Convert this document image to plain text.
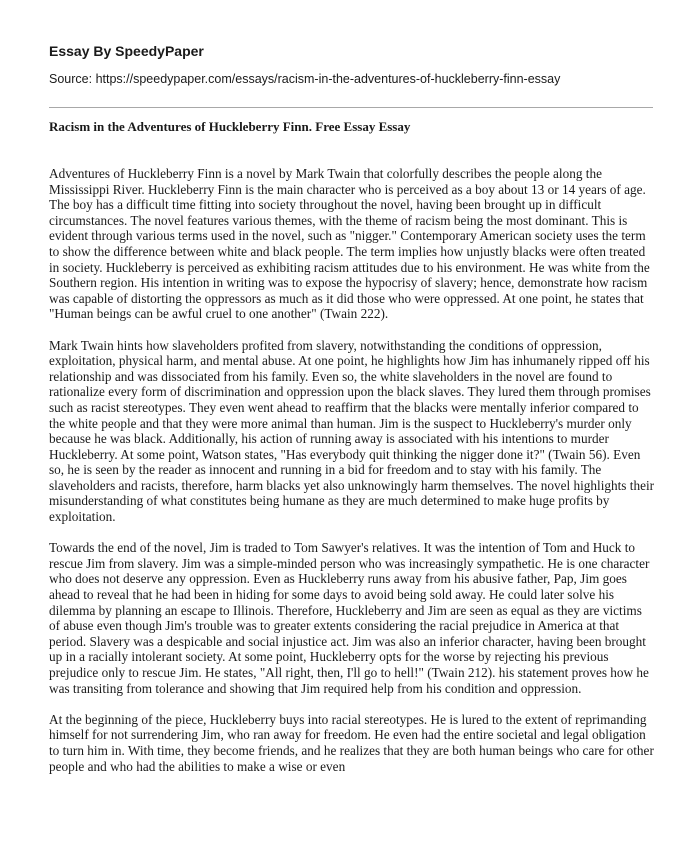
Essay By SpeedyPaper
Source: https://speedypaper.com/essays/racism-in-the-adventures-of-huckleberry-finn-essay
Racism in the Adventures of Huckleberry Finn. Free Essay Essay

Adventures of Huckleberry Finn is a novel by Mark Twain that colorfully describes the people along the Mississippi River. Huckleberry Finn is the main character who is perceived as a boy about 13 or 14 years of age. The boy has a difficult time fitting into society throughout the novel, having been brought up in difficult circumstances. The novel features various themes, with the theme of racism being the most dominant. This is evident through various terms used in the novel, such as "nigger." Contemporary American society uses the term to show the difference between white and black people. The term implies how unjustly blacks were often treated in society. Huckleberry is perceived as exhibiting racism attitudes due to his environment. He was white from the Southern region. His intention in writing was to expose the hypocrisy of slavery; hence, demonstrate how racism was capable of distorting the oppressors as much as it did those who were oppressed. At one point, he states that "Human beings can be awful cruel to one another" (Twain 222).

Mark Twain hints how slaveholders profited from slavery, notwithstanding the conditions of oppression, exploitation, physical harm, and mental abuse. At one point, he highlights how Jim has inhumanely ripped off his relationship and was dissociated from his family. Even so, the white slaveholders in the novel are found to rationalize every form of discrimination and oppression upon the black slaves. They lured them through promises such as racist stereotypes. They even went ahead to reaffirm that the blacks were mentally inferior compared to the white people and that they were more animal than human. Jim is the suspect to Huckleberry's murder only because he was black. Additionally, his action of running away is associated with his intentions to murder Huckleberry. At some point, Watson states, "Has everybody quit thinking the nigger done it?" (Twain 56). Even so, he is seen by the reader as innocent and running in a bid for freedom and to stay with his family. The slaveholders and racists, therefore, harm blacks yet also unknowingly harm themselves. The novel highlights their misunderstanding of what constitutes being humane as they are much determined to make huge profits by exploitation.

Towards the end of the novel, Jim is traded to Tom Sawyer's relatives. It was the intention of Tom and Huck to rescue Jim from slavery. Jim was a simple-minded person who was increasingly sympathetic. He is one character who does not deserve any oppression. Even as Huckleberry runs away from his abusive father, Pap, Jim goes ahead to reveal that he had been in hiding for some days to avoid being sold away. He could later solve his dilemma by planning an escape to Illinois. Therefore, Huckleberry and Jim are seen as equal as they are victims of abuse even though Jim's trouble was to greater extents considering the racial prejudice in America at that period. Slavery was a despicable and social injustice act. Jim was also an inferior character, having been brought up in a racially intolerant society. At some point, Huckleberry opts for the worse by rejecting his previous prejudice only to rescue Jim. He states, "All right, then, I'll go to hell!" (Twain 212). his statement proves how he was transiting from tolerance and showing that Jim required help from his condition and oppression.

At the beginning of the piece, Huckleberry buys into racial stereotypes. He is lured to the extent of reprimanding himself for not surrendering Jim, who ran away for freedom. He even had the entire societal and legal obligation to turn him in. With time, they become friends, and he realizes that they are both human beings who care for other people and who had the abilities to make a wise or even
